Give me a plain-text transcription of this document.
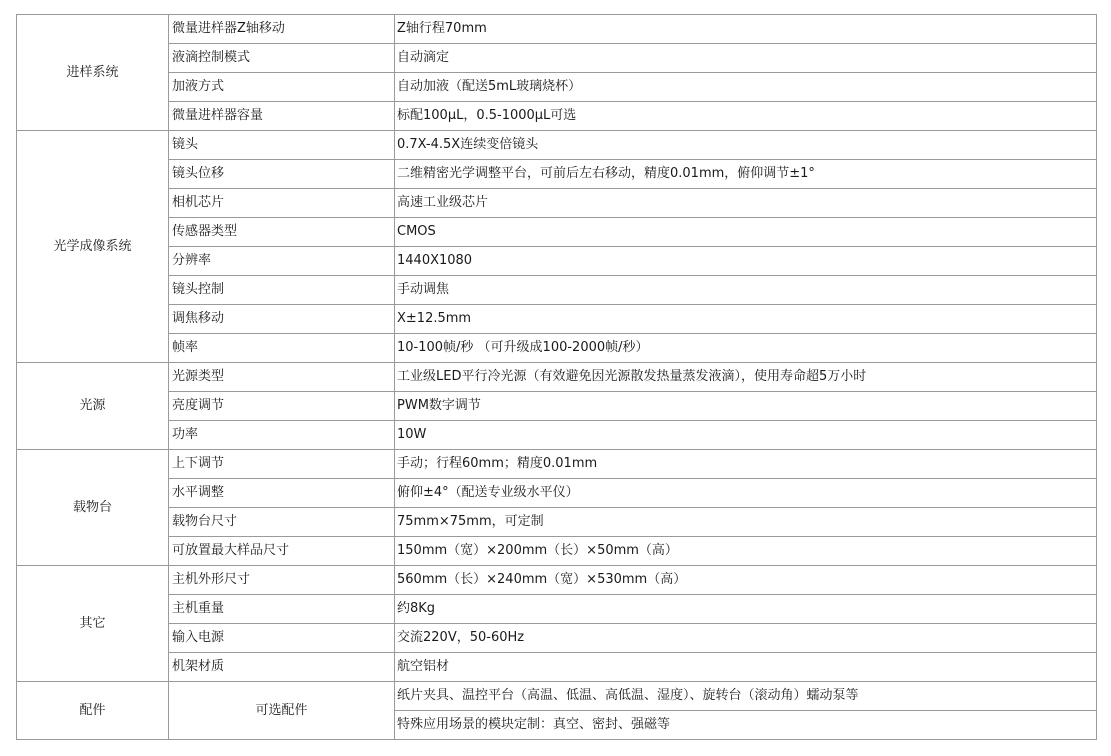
进样系统	微量进样器Z轴移动	Z轴行程70mm
	液滴控制模式	自动滴定
	加液方式	自动加液（配送5mL玻璃烧杯）
	微量进样器容量	标配100μL，0.5-1000μL可选
光学成像系统	镜头	0.7X-4.5X连续变倍镜头
	镜头位移	二维精密光学调整平台，可前后左右移动，精度0.01mm，俯仰调节±1°
	相机芯片	高速工业级芯片
	传感器类型	CMOS
	分辨率	1440X1080
	镜头控制	手动调焦
	调焦移动	X±12.5mm
	帧率	10-100帧/秒 （可升级成100-2000帧/秒）
光源	光源类型	工业级LED平行冷光源（有效避免因光源散发热量蒸发液滴），使用寿命超5万小时
	亮度调节	PWM数字调节
	功率	10W
载物台	上下调节	手动；行程60mm；精度0.01mm
	水平调整	俯仰±4°（配送专业级水平仪）
	载物台尺寸	75mm×75mm，可定制
	可放置最大样品尺寸	150mm（宽）×200mm（长）×50mm（高）
其它	主机外形尺寸	560mm（长）×240mm（宽）×530mm（高）
	主机重量	约8Kg
	输入电源	交流220V，50-60Hz
	机架材质	航空铝材
配件	可选配件	纸片夹具、温控平台（高温、低温、高低温、湿度）、旋转台（滚动角）蠕动泵等
		特殊应用场景的模块定制：真空、密封、强磁等
